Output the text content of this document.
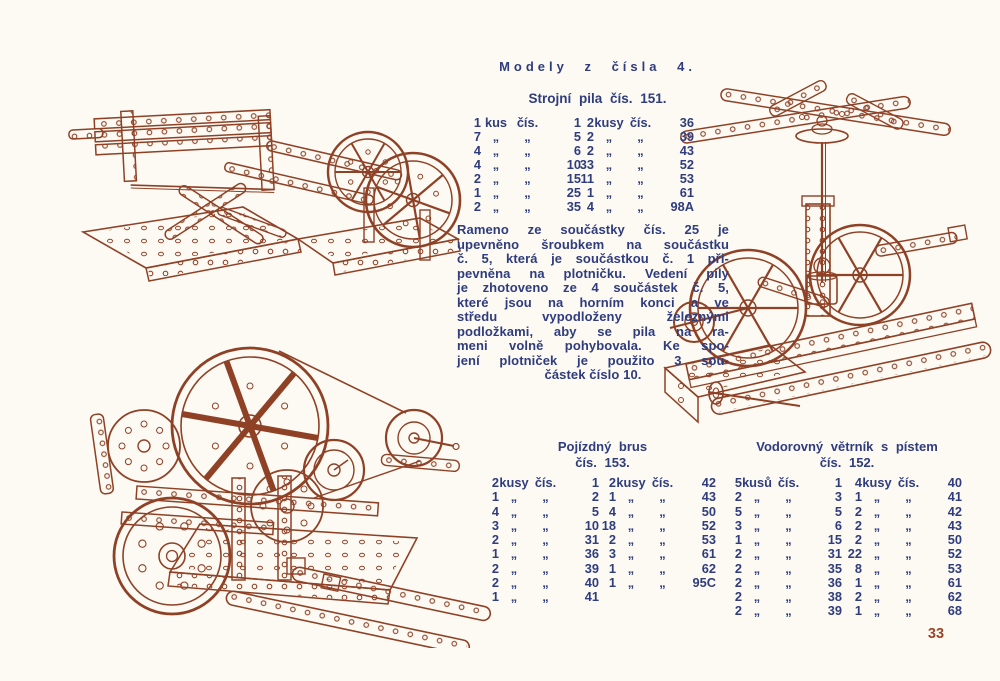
Modely z čísla 4.
Strojní pila čís. 151.
1 kus čís.	1
7 „	„	5
4 „	„	6
4 „	„	10
2 „	„	15
1 „	„	25
2 „	„	35
2 kusy čís.	36
2 „	„	39
2 „	„	43
33 „	„	52
11 „	„	53
1 „	„	61
4 „	„	98A
Rameno ze součástky čís. 25 je
upevněno šroubkem na součástku
č. 5, která je součástkou č. 1 při-
pevněna na plotničku. Vedení pily
je zhotoveno ze 4 součástek č. 5,
které jsou na horním konci a ve
středu vypodloženy železnými
podložkami, aby se pila na ra-
meni volně pohybovala. Ke spo-
jení plotniček je použito 3 sou-
částek číslo 10.
Pojízdný brus
čís. 153.
2 kusy čís.	1
1 „	„	2
4 „	„	5
3 „	„	10
2 „	„	31
1 „	„	36
2 „	„	39
2 „	„	40
1 „	„	41
2 kusy čís.	42
1 „	„	43
4 „	„	50
18 „	„	52
2 „	„	53
3 „	„	61
1 „	„	62
1 „	„	95C
Vodorovný větrník s pístem
čís. 152.
5 kusů čís.	1
2 „	„	3
5 „	„	5
3 „	„	6
1 „	„	15
2 „	„	31
2 „	„	35
2 „	„	36
2 „	„	38
2 „	„	39
4 kusy čís.	40
1 „	„	41
2 „	„	42
2 „	„	43
2 „	„	50
22 „	„	52
8 „	„	53
1 „	„	61
2 „	„	62
1 „	„	68
33
